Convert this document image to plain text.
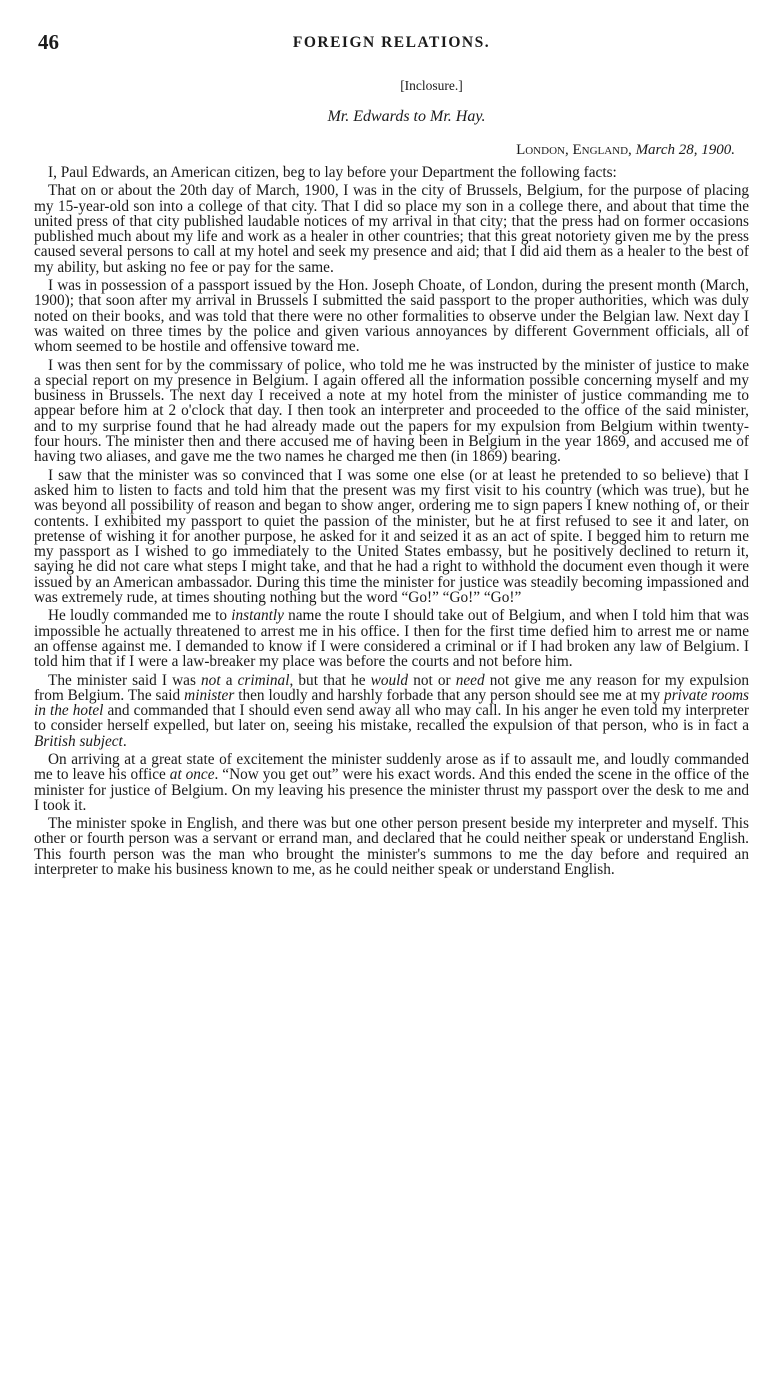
46	FOREIGN RELATIONS.
[Inclosure.]
Mr. Edwards to Mr. Hay.
London, England, March 28, 1900.

I, Paul Edwards, an American citizen, beg to lay before your Department the following facts:

That on or about the 20th day of March, 1900, I was in the city of Brussels, Belgium, for the purpose of placing my 15-year-old son into a college of that city. That I did so place my son in a college there, and about that time the united press of that city published laudable notices of my arrival in that city; that the press had on former occasions published much about my life and work as a healer in other countries; that this great notoriety given me by the press caused several persons to call at my hotel and seek my presence and aid; that I did aid them as a healer to the best of my ability, but asking no fee or pay for the same.

I was in possession of a passport issued by the Hon. Joseph Choate, of London, during the present month (March, 1900); that soon after my arrival in Brussels I submitted the said passport to the proper authorities, which was duly noted on their books, and was told that there were no other formalities to observe under the Belgian law. Next day I was waited on three times by the police and given various annoyances by different Government officials, all of whom seemed to be hostile and offensive toward me.

I was then sent for by the commissary of police, who told me he was instructed by the minister of justice to make a special report on my presence in Belgium. I again offered all the information possible concerning myself and my business in Brussels. The next day I received a note at my hotel from the minister of justice commanding me to appear before him at 2 o'clock that day. I then took an interpreter and proceeded to the office of the said minister, and to my surprise found that he had already made out the papers for my expulsion from Belgium within twenty-four hours. The minister then and there accused me of having been in Belgium in the year 1869, and accused me of having two aliases, and gave me the two names he charged me then (in 1869) bearing.

I saw that the minister was so convinced that I was some one else (or at least he pretended to so believe) that I asked him to listen to facts and told him that the present was my first visit to his country (which was true), but he was beyond all possibility of reason and began to show anger, ordering me to sign papers I knew nothing of, or their contents. I exhibited my passport to quiet the passion of the minister, but he at first refused to see it and later, on pretense of wishing it for another purpose, he asked for it and seized it as an act of spite. I begged him to return me my passport as I wished to go immediately to the United States embassy, but he positively declined to return it, saying he did not care what steps I might take, and that he had a right to withhold the document even though it were issued by an American ambassador. During this time the minister for justice was steadily becoming impassioned and was extremely rude, at times shouting nothing but the word “Go!” “Go!” “Go!”

He loudly commanded me to instantly name the route I should take out of Belgium, and when I told him that was impossible he actually threatened to arrest me in his office. I then for the first time defied him to arrest me or name an offense against me. I demanded to know if I were considered a criminal or if I had broken any law of Belgium. I told him that if I were a law-breaker my place was before the courts and not before him.

The minister said I was not a criminal, but that he would not or need not give me any reason for my expulsion from Belgium. The said minister then loudly and harshly forbade that any person should see me at my private rooms in the hotel and commanded that I should even send away all who may call. In his anger he even told my interpreter to consider herself expelled, but later on, seeing his mistake, recalled the expulsion of that person, who is in fact a British subject.

On arriving at a great state of excitement the minister suddenly arose as if to assault me, and loudly commanded me to leave his office at once. “Now you get out” were his exact words. And this ended the scene in the office of the minister for justice of Belgium. On my leaving his presence the minister thrust my passport over the desk to me and I took it.

The minister spoke in English, and there was but one other person present beside my interpreter and myself. This other or fourth person was a servant or errand man, and declared that he could neither speak or understand English. This fourth person was the man who brought the minister's summons to me the day before and required an interpreter to make his business known to me, as he could neither speak or understand English.
